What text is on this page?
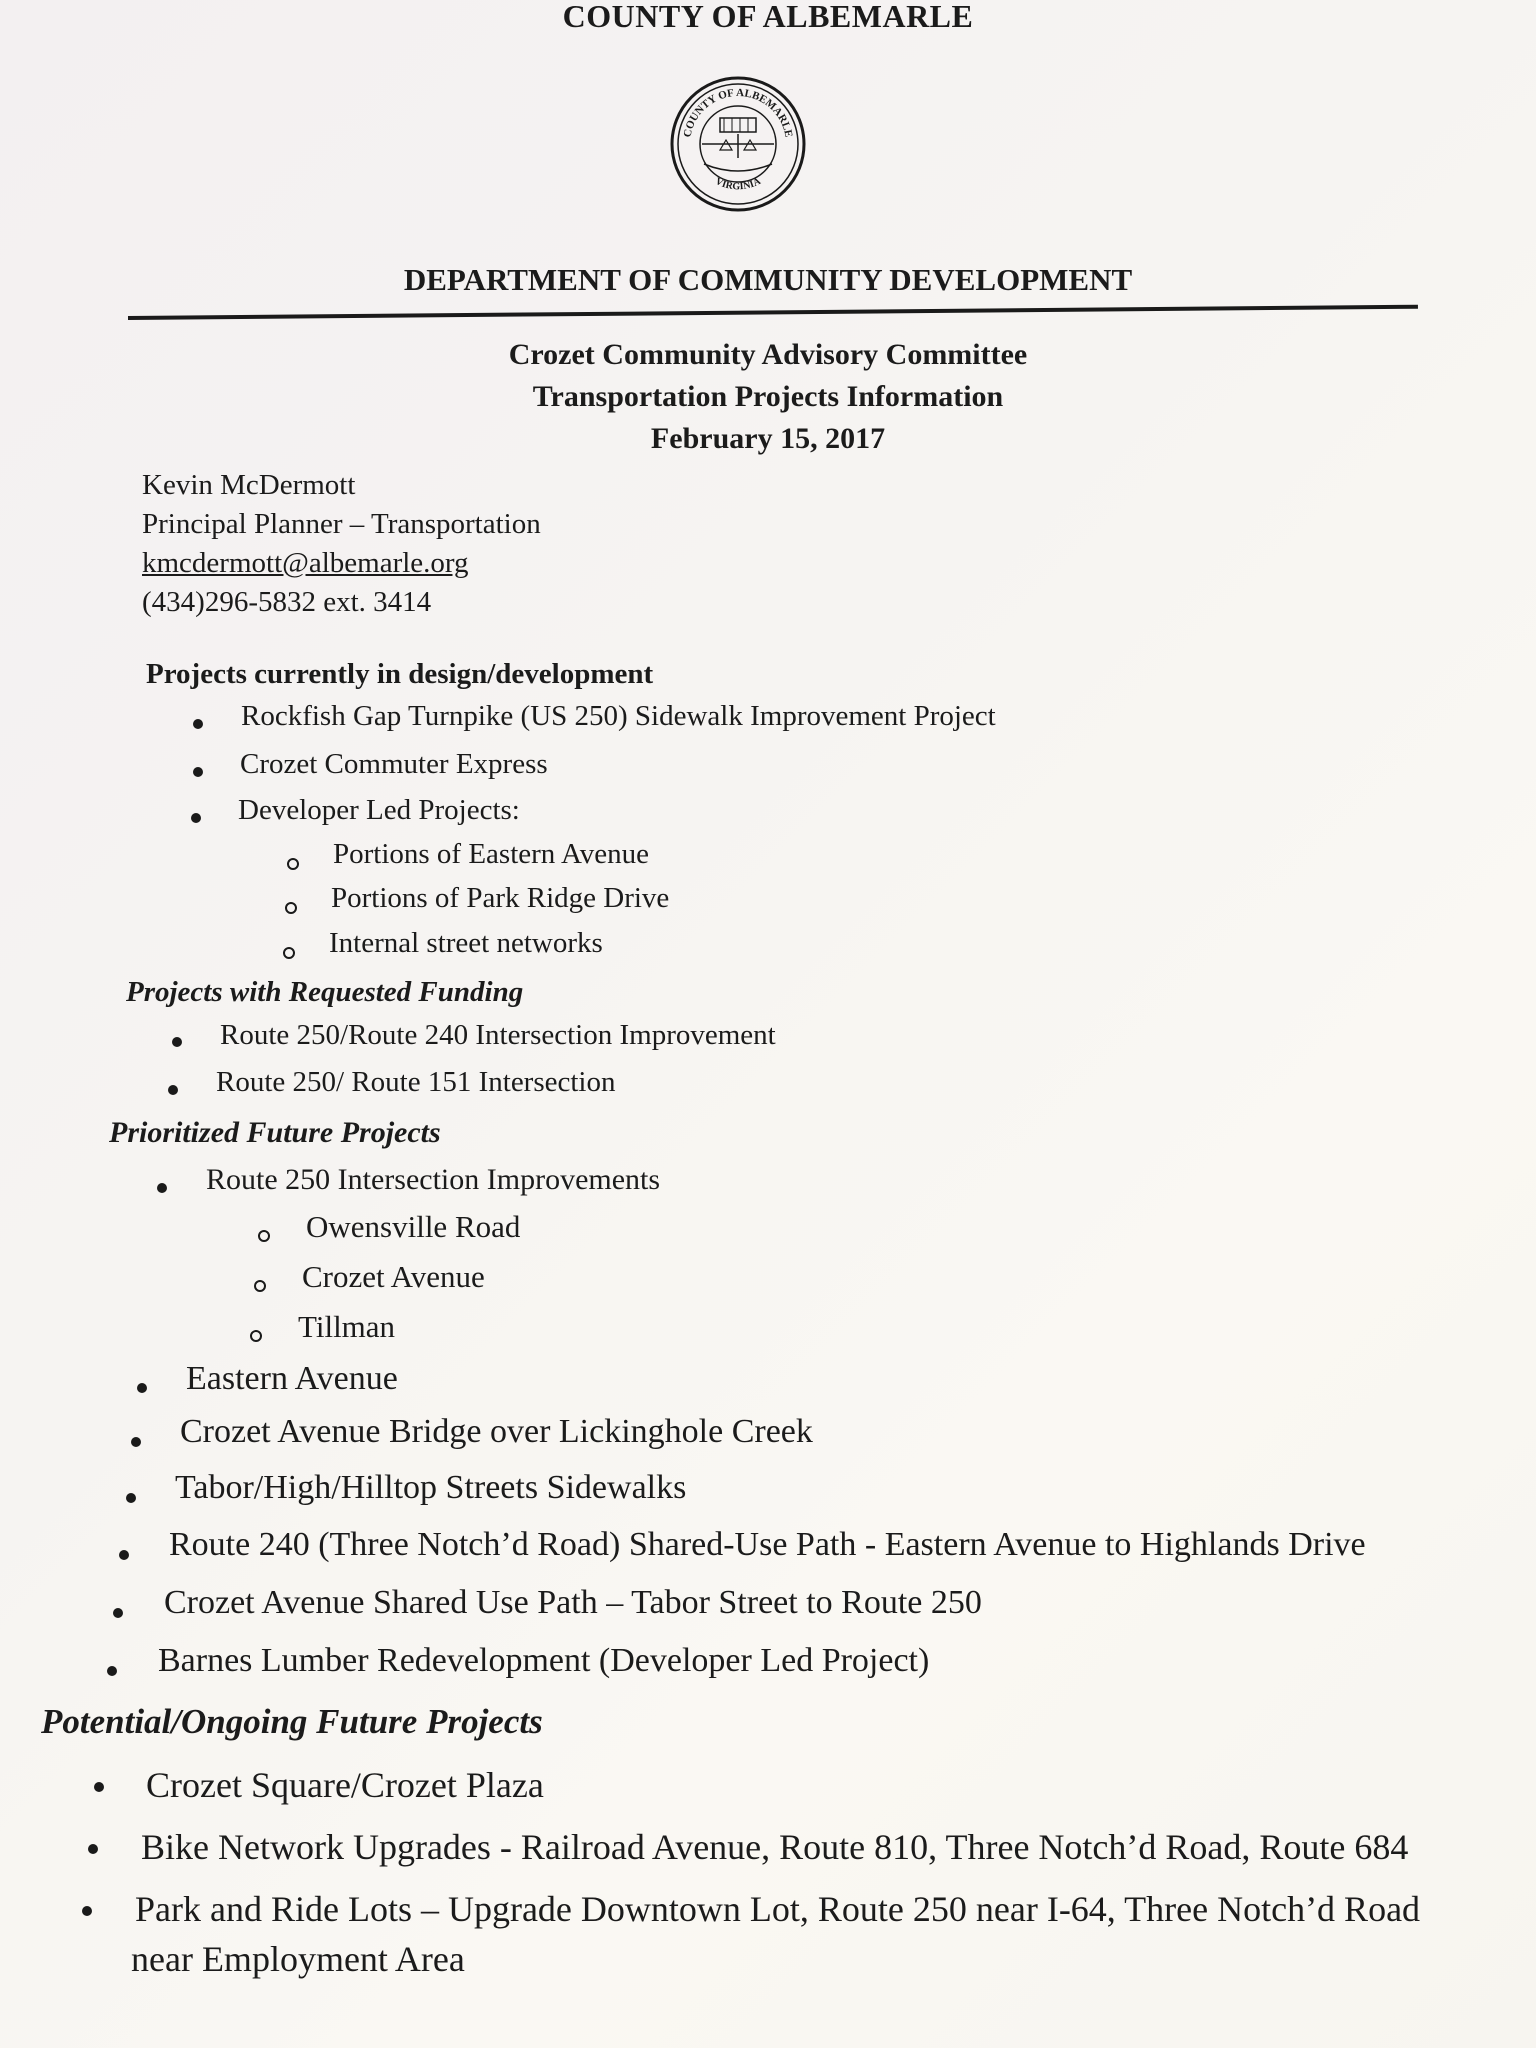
COUNTY OF ALBEMARLE
COUNTY OF ALBEMARLE
VIRGINIA
DEPARTMENT OF COMMUNITY DEVELOPMENT
Crozet Community Advisory Committee
Transportation Projects Information
February 15, 2017
Kevin McDermott
Principal Planner – Transportation
kmcdermott@albemarle.org
(434)296-5832 ext. 3414
Projects currently in design/development
Rockfish Gap Turnpike (US 250) Sidewalk Improvement Project
Crozet Commuter Express
Developer Led Projects:
Portions of Eastern Avenue
Portions of Park Ridge Drive
Internal street networks
Projects with Requested Funding
Route 250/Route 240 Intersection Improvement
Route 250/ Route 151 Intersection
Prioritized Future Projects
Route 250 Intersection Improvements
Owensville Road
Crozet Avenue
Tillman
Eastern Avenue
Crozet Avenue Bridge over Lickinghole Creek
Tabor/High/Hilltop Streets Sidewalks
Route 240 (Three Notch’d Road) Shared-Use Path - Eastern Avenue to Highlands Drive
Crozet Avenue Shared Use Path – Tabor Street to Route 250
Barnes Lumber Redevelopment (Developer Led Project)
Potential/Ongoing Future Projects
Crozet Square/Crozet Plaza
Bike Network Upgrades - Railroad Avenue, Route 810, Three Notch’d Road, Route 684
Park and Ride Lots – Upgrade Downtown Lot, Route 250 near I-64, Three Notch’d Road
near Employment Area
